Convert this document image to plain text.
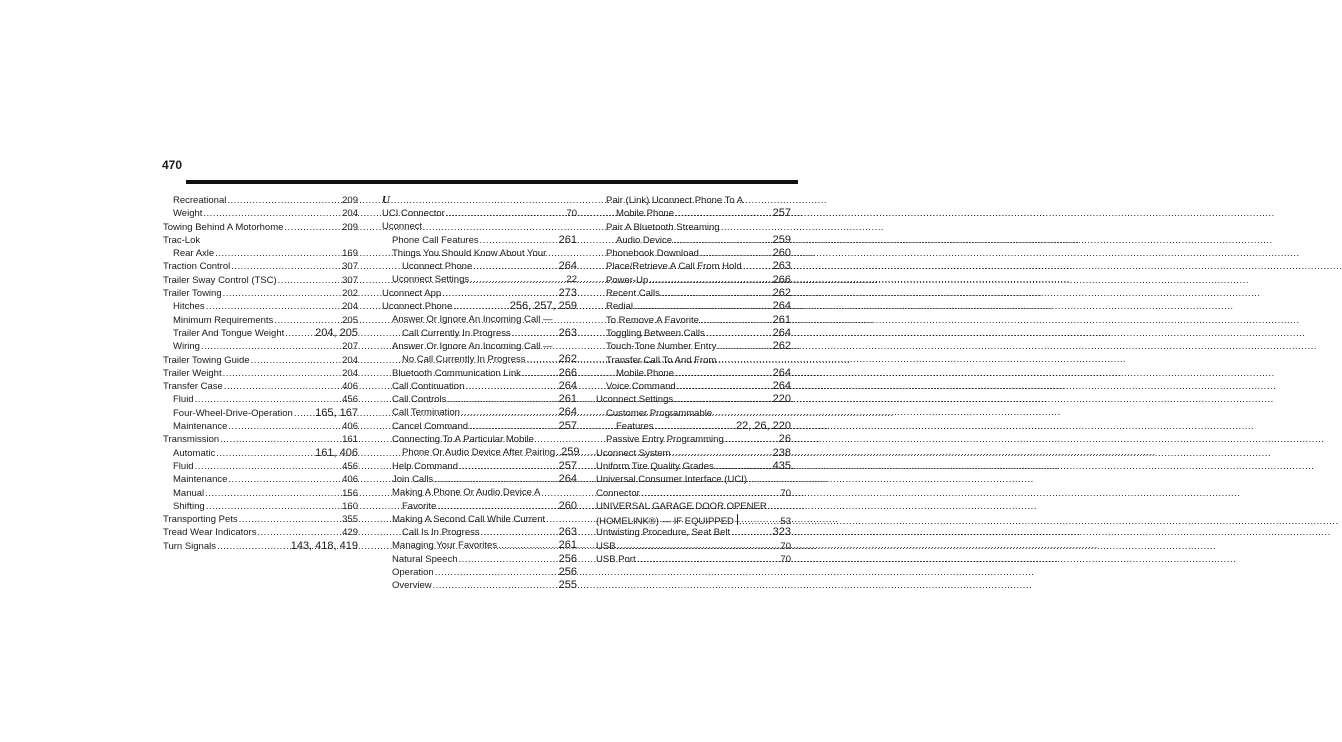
470
Recreational .....	209
Weight .....	204
Towing Behind A Motorhome .....	209
Trac-Lok
Rear Axle .....	169
Traction Control .....	307
Trailer Sway Control (TSC) .....	307
Trailer Towing .....	202
Hitches .....	204
Minimum Requirements .....	205
Trailer And Tongue Weight .....	204, 205
Wiring .....	207
Trailer Towing Guide .....	204
Trailer Weight .....	204
Transfer Case .....	406
Fluid .....	456
Four-Wheel-Drive-Operation ..... 165, 167
Maintenance .....	406
Transmission .....	161
Automatic .....	161, 406
Fluid .....	456
Maintenance .....	406
Manual .....	156
Shifting .....	160
Transporting Pets .....	355
Tread Wear Indicators .....	429
Turn Signals .....	143, 418, 419
U
UCI Connector .....	70
Uconnect
Phone Call Features .....	261
Things You Should Know About Your
Uconnect Phone .....	264
Uconnect Settings .....	22
Uconnect App .....	273
Uconnect Phone .....	256, 257, 259
Answer Or Ignore An Incoming Call —
Call Currently In Progress .....	263
Answer Or Ignore An Incoming Call —
No Call Currently In Progress .....	262
Bluetooth Communication Link .....	266
Call Continuation .....	264
Call Controls .....	261
Call Termination .....	264
Cancel Command .....	257
Connecting To A Particular Mobile
Phone Or Audio Device After Pairing ..... 259
Help Command .....	257
Join Calls .....	264
Making A Phone Or Audio Device A
Favorite .....	260
Making A Second Call While Current
Call Is In Progress .....	263
Managing Your Favorites .....	261
Natural Speech .....	256
Operation .....	256
Overview .....	255
Pair (Link) Uconnect Phone To A
Mobile Phone .....	257
Pair A Bluetooth Streaming
Audio Device .....	259
Phonebook Download .....	260
Place/Retrieve A Call From Hold .....	263
Power-Up .....	266
Recent Calls .....	262
Redial .....	264
To Remove A Favorite .....	261
Toggling Between Calls .....	264
Touch-Tone Number Entry .....	262
Transfer Call To And From
Mobile Phone .....	264
Voice Command .....	264
Uconnect Settings .....	220
Customer Programmable
Features .....	22, 26, 220
Passive Entry Programming .....	26
Uconnect System .....	238
Uniform Tire Quality Grades .....	435
Universal Consumer Interface (UCI)
Connector .....	70
UNIVERSAL GARAGE DOOR OPENER
(HOMELINK®) — IF EQUIPPED .....	53
Untwisting Procedure, Seat Belt .....	323
USB .....	70
USB Port .....	70
